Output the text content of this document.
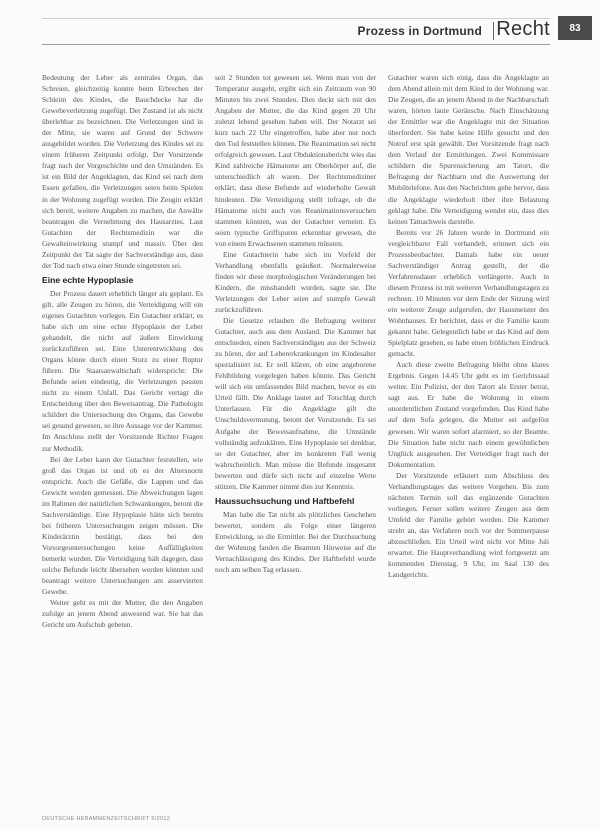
Prozess in Dortmund Recht	83

Bedeutung der Leber als zentrales Organ, das Schreien, gleichzeitig konnte beim Erbrechen der Schleim des Kindes, die Bauchdecke hat die Gewebeverletzung zugefügt. Der Zustand ist als nicht überlebbar zu bezeichnen. Die Verletzungen sind in der Mitte, sie waren auf Grund der Schwere ausgebildet worden. Die Verletzung des Kindes sei zu einem früheren Zeitpunkt erfolgt. Der Vorsitzende fragt nach der Vorgeschichte und den Umständen. Es ist ein Bild der Angeklagten, das Kind sei nach dem Essen gefallen, die Verletzungen seien beim Spielen in der Wohnung zugefügt worden. Die Zeugin erklärt sich bereit, weitere Angaben zu machen, die Anwälte beantragen die Vernehmung des Hausarztes. Laut Gutachten der Rechtsmedizin war die Gewalteinwirkung stumpf und massiv. Über den Zeitpunkt der Tat sagte der Sachverständige aus, dass der Tod nach etwa einer Stunde eingetreten sei.

Eine echte Hypoplasie

Der Prozess dauert erheblich länger als geplant. Es gilt, alle Zeugen zu hören, die Verteidigung will ein eigenes Gutachten vorlegen. Ein Gutachter erklärt, es habe sich um eine echte Hypoplasie der Leber gehandelt, die nicht auf äußere Einwirkung zurückzuführen sei. Eine Unterentwicklung des Organs könne durch einen Sturz zu einer Ruptur führen. Die Staatsanwaltschaft widerspricht: Die Befunde seien eindeutig, die Verletzungen passten nicht zu einem Unfall. Das Gericht vertagt die Entscheidung über den Beweisantrag. Die Pathologin schildert die Untersuchung des Organs, das Gewebe sei gesund gewesen, so ihre Aussage vor der Kammer. Im Anschluss stellt der Vorsitzende Richter Fragen zur Methodik.

Bei der Leber kann der Gutachter feststellen, wie groß das Organ ist und ob es der Altersnorm entspricht. Auch die Gefäße, die Lappen und das Gewicht werden gemessen. Die Abweichungen lagen im Rahmen der natürlichen Schwankungen, betont die Sachverständige. Eine Hypoplasie hätte sich bereits bei früheren Untersuchungen zeigen müssen. Die Kinderärztin bestätigt, dass bei den Vorsorgeuntersuchungen keine Auffälligkeiten bemerkt wurden. Die Verteidigung hält dagegen, dass solche Befunde leicht übersehen werden könnten und beantragt weitere Untersuchungen am asservierten Gewebe.

Weiter geht es mit der Mutter, die den Angaben zufolge an jenem Abend anwesend war. Sie hat das Gericht um Aufschub gebeten.

seit 2 Stunden tot gewesen sei. Wenn man von der Temperatur ausgeht, ergibt sich ein Zeitraum von 90 Minuten bis zwei Stunden. Dies deckt sich mit den Angaben der Mutter, die das Kind gegen 20 Uhr zuletzt lebend gesehen haben will. Der Notarzt sei kurz nach 22 Uhr eingetroffen, habe aber nur noch den Tod feststellen können. Die Reanimation sei nicht erfolgreich gewesen. Laut Obduktionsbericht wies das Kind zahlreiche Hämatome am Oberkörper auf, die unterschiedlich alt waren. Der Rechtsmediziner erklärt, dass diese Befunde auf wiederholte Gewalt hindeuten. Die Verteidigung stellt infrage, ob die Hämatome nicht auch von Reanimationsversuchen stammen könnten, was der Gutachter verneint. Es seien typische Griffspuren erkennbar gewesen, die von einem Erwachsenen stammen müssten.

Eine Gutachterin habe sich im Vorfeld der Verhandlung ebenfalls geäußert. Normalerweise finden wir diese morphologischen Veränderungen bei Kindern, die misshandelt wurden, sagte sie. Die Verletzungen der Leber seien auf stumpfe Gewalt zurückzuführen.

Die Gesetze erlauben die Befragung weiterer Gutachter, auch aus dem Ausland. Die Kammer hat entschieden, einen Sachverständigen aus der Schweiz zu hören, der auf Lebererkrankungen im Kindesalter spezialisiert ist. Er soll klären, ob eine angeborene Fehlbildung vorgelegen haben könnte. Das Gericht will sich ein umfassendes Bild machen, bevor es ein Urteil fällt. Die Anklage lautet auf Totschlag durch Unterlassen. Für die Angeklagte gilt die Unschuldsvermutung, betont der Vorsitzende. Es sei Aufgabe der Beweisaufnahme, die Umstände vollständig aufzuklären. Eine Hypoplasie sei denkbar, so der Gutachter, aber im konkreten Fall wenig wahrscheinlich. Man müsse die Befunde insgesamt bewerten und dürfe sich nicht auf einzelne Werte stützen. Die Kammer nimmt dies zur Kenntnis.

Haussuchsuchung und Haftbefehl

Man habe die Tat nicht als plötzliches Geschehen bewertet, sondern als Folge einer längeren Entwicklung, so die Ermittler. Bei der Durchsuchung der Wohnung fanden die Beamten Hinweise auf die Vernachlässigung des Kindes. Der Haftbefehl wurde noch am selben Tag erlassen.

Gutachter waren sich einig, dass die Angeklagte an dem Abend allein mit dem Kind in der Wohnung war. Die Zeugen, die an jenem Abend in der Nachbarschaft waren, hörten laute Geräusche. Nach Einschätzung der Ermittler war die Angeklagte mit der Situation überfordert. Sie habe keine Hilfe gesucht und den Notruf erst spät gewählt. Der Vorsitzende fragt nach dem Verlauf der Ermittlungen. Zwei Kommissare schildern die Spurensicherung am Tatort, die Befragung der Nachbarn und die Auswertung der Mobiltelefone. Aus den Nachrichten gehe hervor, dass die Angeklagte wiederholt über ihre Belastung geklagt habe. Die Verteidigung wendet ein, dass dies keinen Tatnachweis darstelle.

Bereits vor 26 Jahren wurde in Dortmund ein vergleichbarer Fall verhandelt, erinnert sich ein Prozessbeobachter. Damals habe ein neuer Sachverständiger Antrag gestellt, der die Verfahrensdauer erheblich verlängerte. Auch in diesem Prozess ist mit weiteren Verhandlungstagen zu rechnen. 10 Minuten vor dem Ende der Sitzung wird ein weiterer Zeuge aufgerufen, der Hausmeister des Wohnhauses. Er berichtet, dass er die Familie kaum gekannt habe. Gelegentlich habe er das Kind auf dem Spielplatz gesehen, es habe einen fröhlichen Eindruck gemacht.

Auch diese zweite Befragung bleibt ohne klares Ergebnis. Gegen 14.45 Uhr geht es im Gerichtssaal weiter. Ein Polizist, der den Tatort als Erster betrat, sagt aus. Er habe die Wohnung in einem unordentlichen Zustand vorgefunden. Das Kind habe auf dem Sofa gelegen, die Mutter sei aufgelöst gewesen. Wir waren sofort alarmiert, so der Beamte. Die Situation habe nicht nach einem gewöhnlichen Unglück ausgesehen. Der Verteidiger fragt nach der Dokumentation.

Der Vorsitzende erläutert zum Abschluss des Verhandlungstages das weitere Vorgehen. Bis zum nächsten Termin soll das ergänzende Gutachten vorliegen. Ferner sollen weitere Zeugen aus dem Umfeld der Familie gehört werden. Die Kammer strebt an, das Verfahren noch vor der Sommerpause abzuschließen. Ein Urteil wird nicht vor Mitte Juli erwartet. Die Hauptverhandlung wird fortgesetzt am kommenden Dienstag, 9 Uhr, im Saal 130 des Landgerichts.

DEUTSCHE HEBAMMENZEITSCHRIFT 5/2012
